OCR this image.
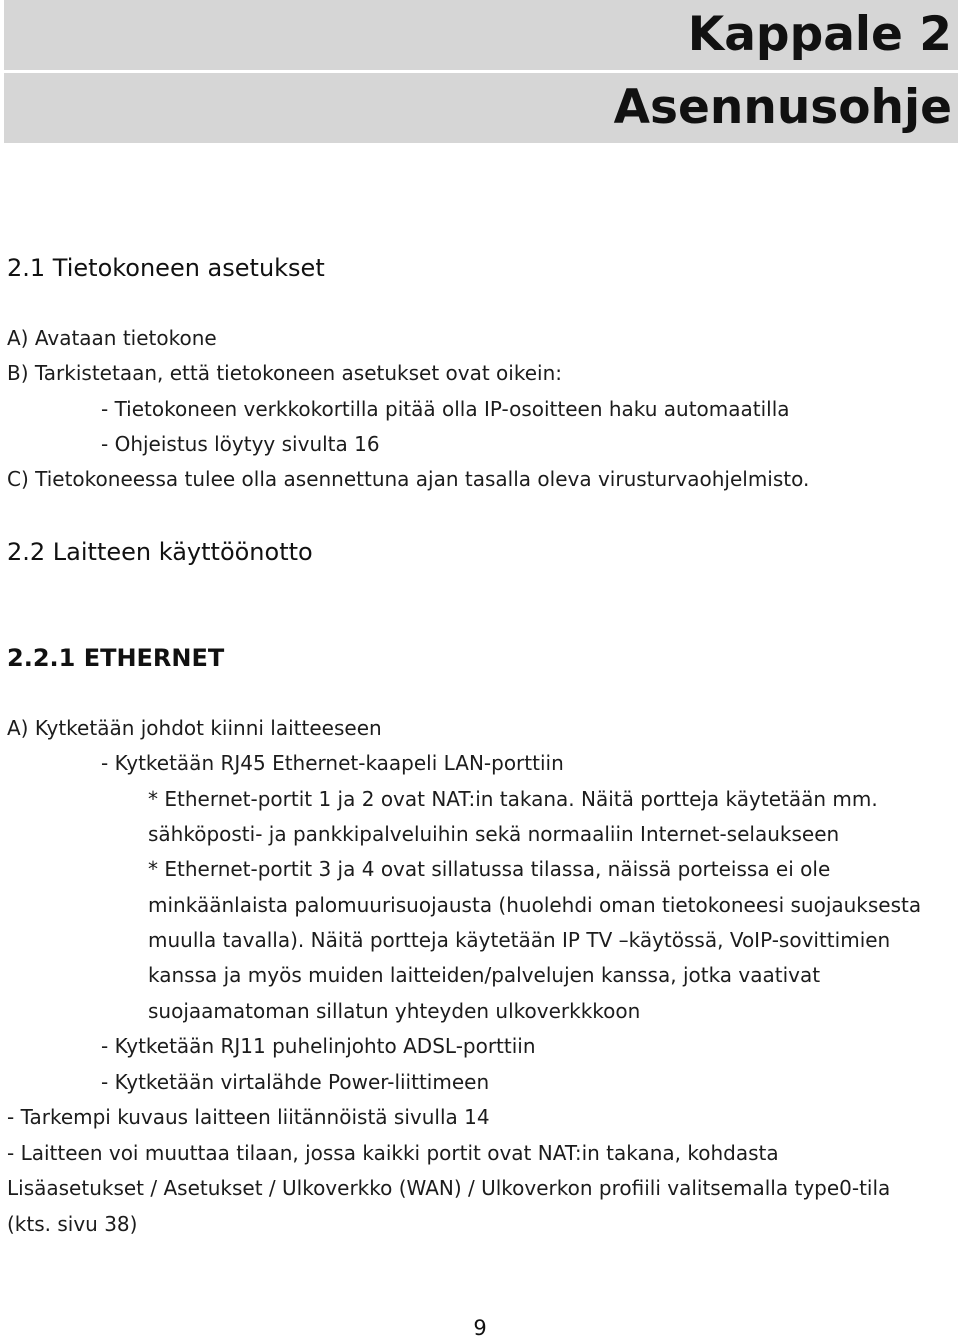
Kappale 2
Asennusohje
2.1 Tietokoneen asetukset
A) Avataan tietokone
B) Tarkistetaan, että tietokoneen asetukset ovat oikein:
- Tietokoneen verkkokortilla pitää olla IP-osoitteen haku automaatilla
- Ohjeistus löytyy sivulta 16
C) Tietokoneessa tulee olla asennettuna ajan tasalla oleva virusturvaohjelmisto.
2.2 Laitteen käyttöönotto
2.2.1 ETHERNET
A) Kytketään johdot kiinni laitteeseen
- Kytketään RJ45 Ethernet-kaapeli LAN-porttiin
* Ethernet-portit 1 ja 2 ovat NAT:in takana. Näitä portteja käytetään mm.
sähköposti- ja pankkipalveluihin sekä normaaliin Internet-selaukseen
* Ethernet-portit 3 ja 4 ovat sillatussa tilassa, näissä porteissa ei ole
minkäänlaista palomuurisuojausta (huolehdi oman tietokoneesi suojauksesta
muulla tavalla). Näitä portteja käytetään IP TV –käytössä, VoIP-sovittimien
kanssa ja myös muiden laitteiden/palvelujen kanssa, jotka vaativat
suojaamatoman sillatun yhteyden ulkoverkkkoon
- Kytketään RJ11 puhelinjohto ADSL-porttiin
- Kytketään virtalähde Power-liittimeen
- Tarkempi kuvaus laitteen liitännöistä sivulla 14
- Laitteen voi muuttaa tilaan, jossa kaikki portit ovat NAT:in takana, kohdasta
Lisäasetukset / Asetukset / Ulkoverkko (WAN) / Ulkoverkon profiili valitsemalla type0-tila
(kts. sivu 38)
9
